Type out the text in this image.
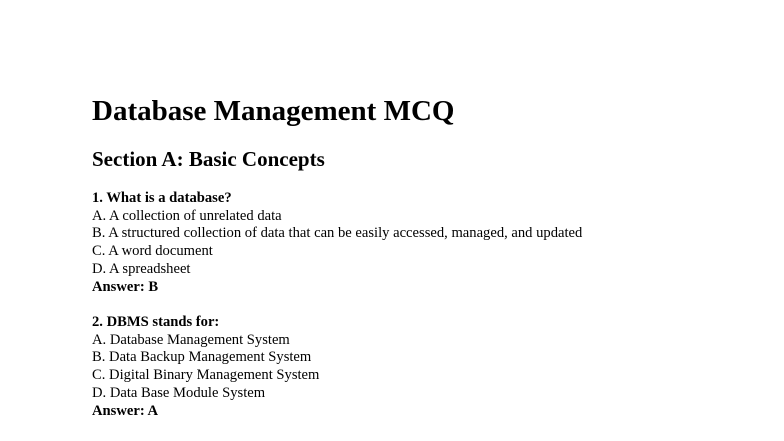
Database Management MCQ
Section A: Basic Concepts
1. What is a database?
A. A collection of unrelated data
B. A structured collection of data that can be easily accessed, managed, and updated
C. A word document
D. A spreadsheet
Answer: B
2. DBMS stands for:
A. Database Management System
B. Data Backup Management System
C. Digital Binary Management System
D. Data Base Module System
Answer: A
